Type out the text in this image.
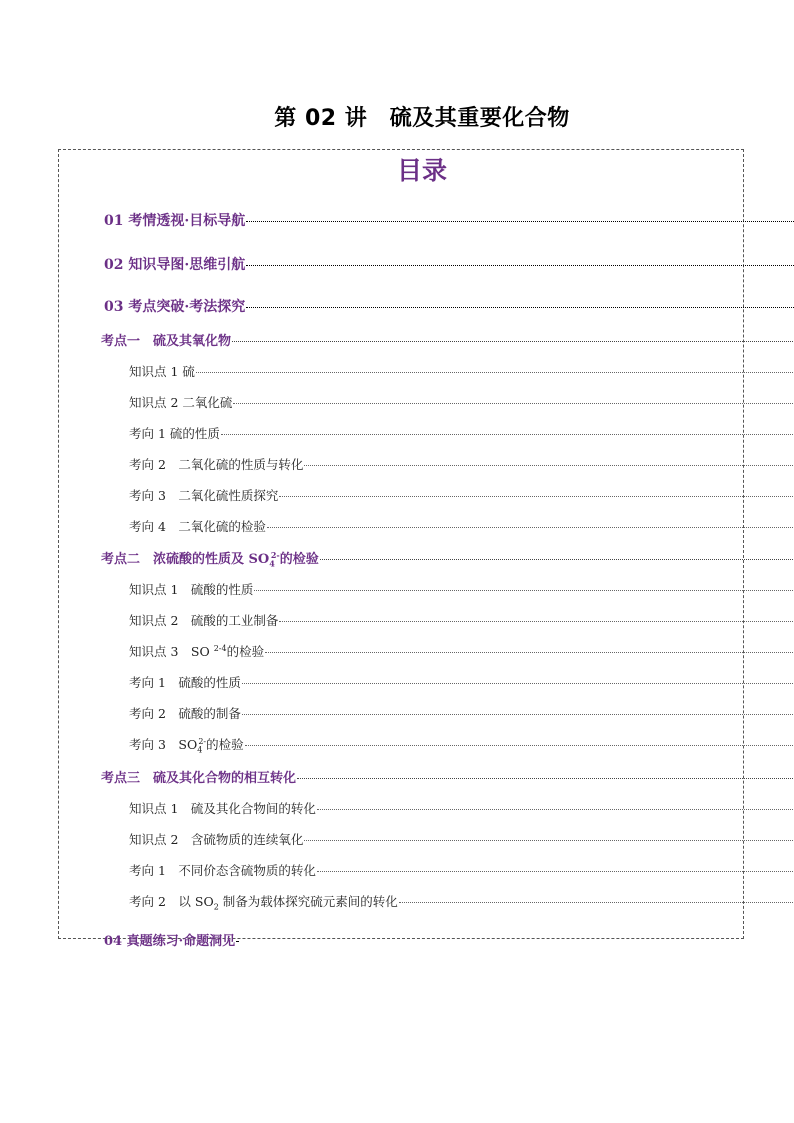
第 02 讲　硫及其重要化合物
目录
01 考情透视·目标导航
02 知识导图·思维引航
03 考点突破·考法探究
考点一　硫及其氧化物
知识点 1 硫
知识点 2 二氧化硫
考向 1 硫的性质
考向 2　二氧化硫的性质与转化
考向 3　二氧化硫性质探究
考向 4　二氧化硫的检验
考点二　浓硫酸的性质及 $SO_4^{2-}$的检验
知识点 1　硫酸的性质
知识点 2　硫酸的工业制备
知识点 3　SO $^{2-4}$的检验
考向 1　硫酸的性质
考向 2　硫酸的制备
考向 3　$SO_4^{2-}$的检验
考点三　硫及其化合物的相互转化
知识点 1　硫及其化合物间的转化
知识点 2　含硫物质的连续氧化
考向 1　不同价态含硫物质的转化
考向 2　以 $SO_2$ 制备为载体探究硫元素间的转化
04 真题练习·命题洞见
